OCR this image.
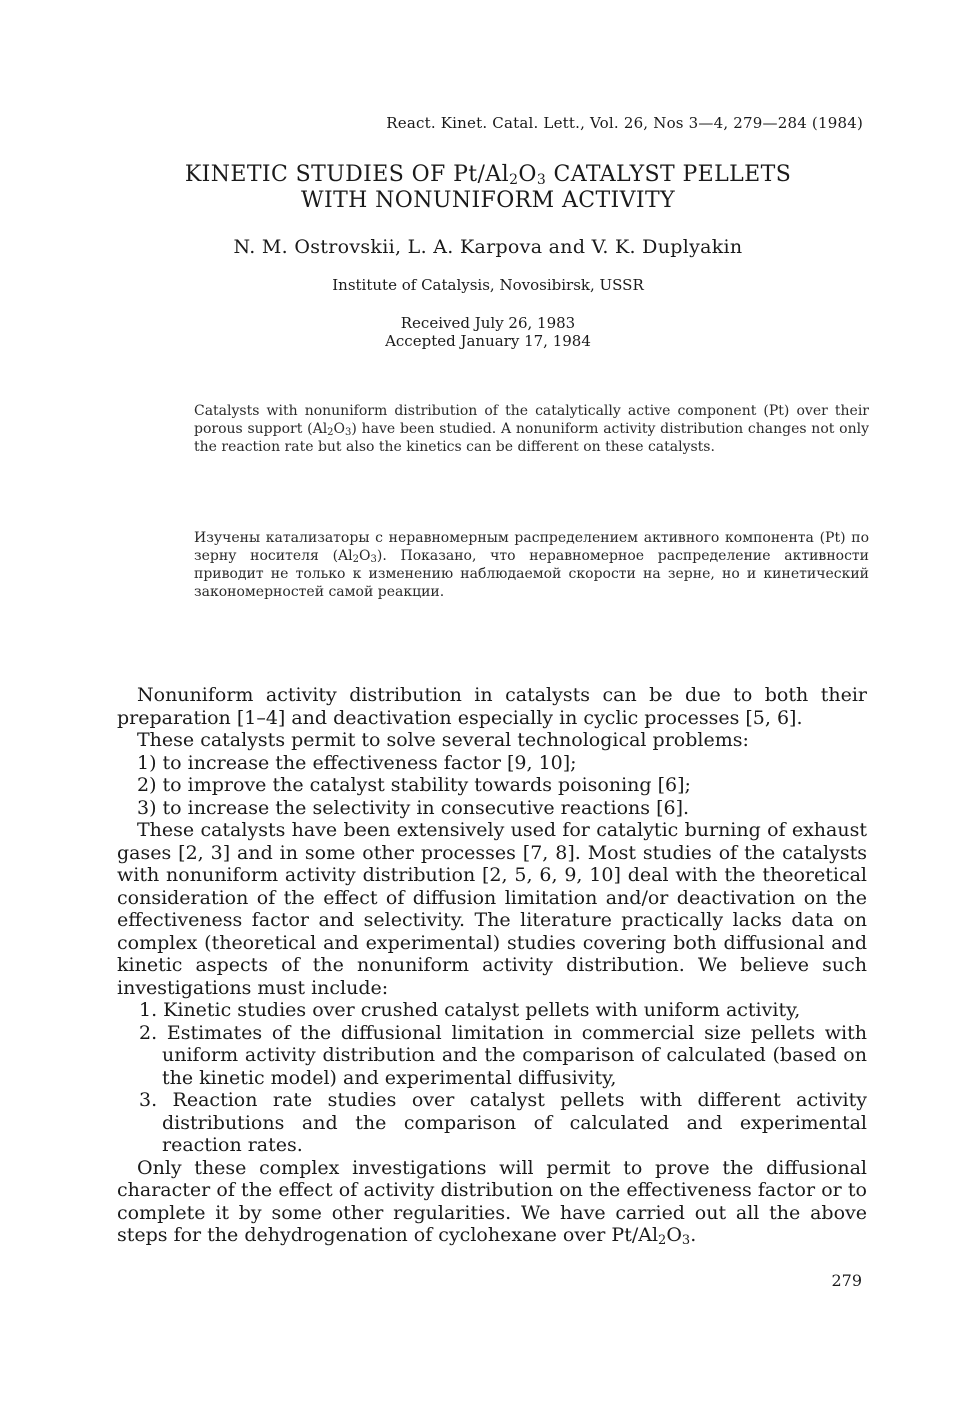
React. Kinet. Catal. Lett., Vol. 26, Nos 3—4, 279—284 (1984)
KINETIC STUDIES OF $Pt/Al_2O_3$ CATALYST PELLETS
WITH NONUNIFORM ACTIVITY
N. M. Ostrovskii, L. A. Karpova and V. K. Duplyakin
Institute of Catalysis, Novosibirsk, USSR
Received July 26, 1983
Accepted January 17, 1984
Catalysts with nonuniform distribution of the catalytically active component (Pt) over their porous support $(Al_2O_3)$ have been studied. A nonuniform activity distribution changes not only the reaction rate but also the kinetics can be different on these catalysts.
Изучены катализаторы с неравномерным распределением активного компонента (Pt) по зерну носителя $(Al_2O_3)$. Показано, что неравномерное распределение активности приводит не только к изменению наблюдаемой скорости на зерне, но и кинетический закономерностей самой реакции.

Nonuniform activity distribution in catalysts can be due to both their preparation [1–4] and deactivation especially in cyclic processes [5, 6].

These catalysts permit to solve several technological problems:

1) to increase the effectiveness factor [9, 10];

2) to improve the catalyst stability towards poisoning [6];

3) to increase the selectivity in consecutive reactions [6].

These catalysts have been extensively used for catalytic burning of exhaust gases [2, 3] and in some other processes [7, 8]. Most studies of the catalysts with nonuniform activity distribution [2, 5, 6, 9, 10] deal with the theoretical consideration of the effect of diffusion limitation and/or deactivation on the effectiveness factor and selectivity. The literature practically lacks data on complex (theoretical and experimental) studies covering both diffusional and kinetic aspects of the nonuniform activity distribution. We believe such investigations must include:

1. Kinetic studies over crushed catalyst pellets with uniform activity,

2. Estimates of the diffusional limitation in commercial size pellets with uniform activity distribution and the comparison of calculated (based on the kinetic model) and experimental diffusivity,

3. Reaction rate studies over catalyst pellets with different activity distributions and the comparison of calculated and experimental reaction rates.

Only these complex investigations will permit to prove the diffusional character of the effect of activity distribution on the effectiveness factor or to complete it by some other regularities. We have carried out all the above steps for the dehydrogenation of cyclohexane over $Pt/Al_2O_3$.

279
